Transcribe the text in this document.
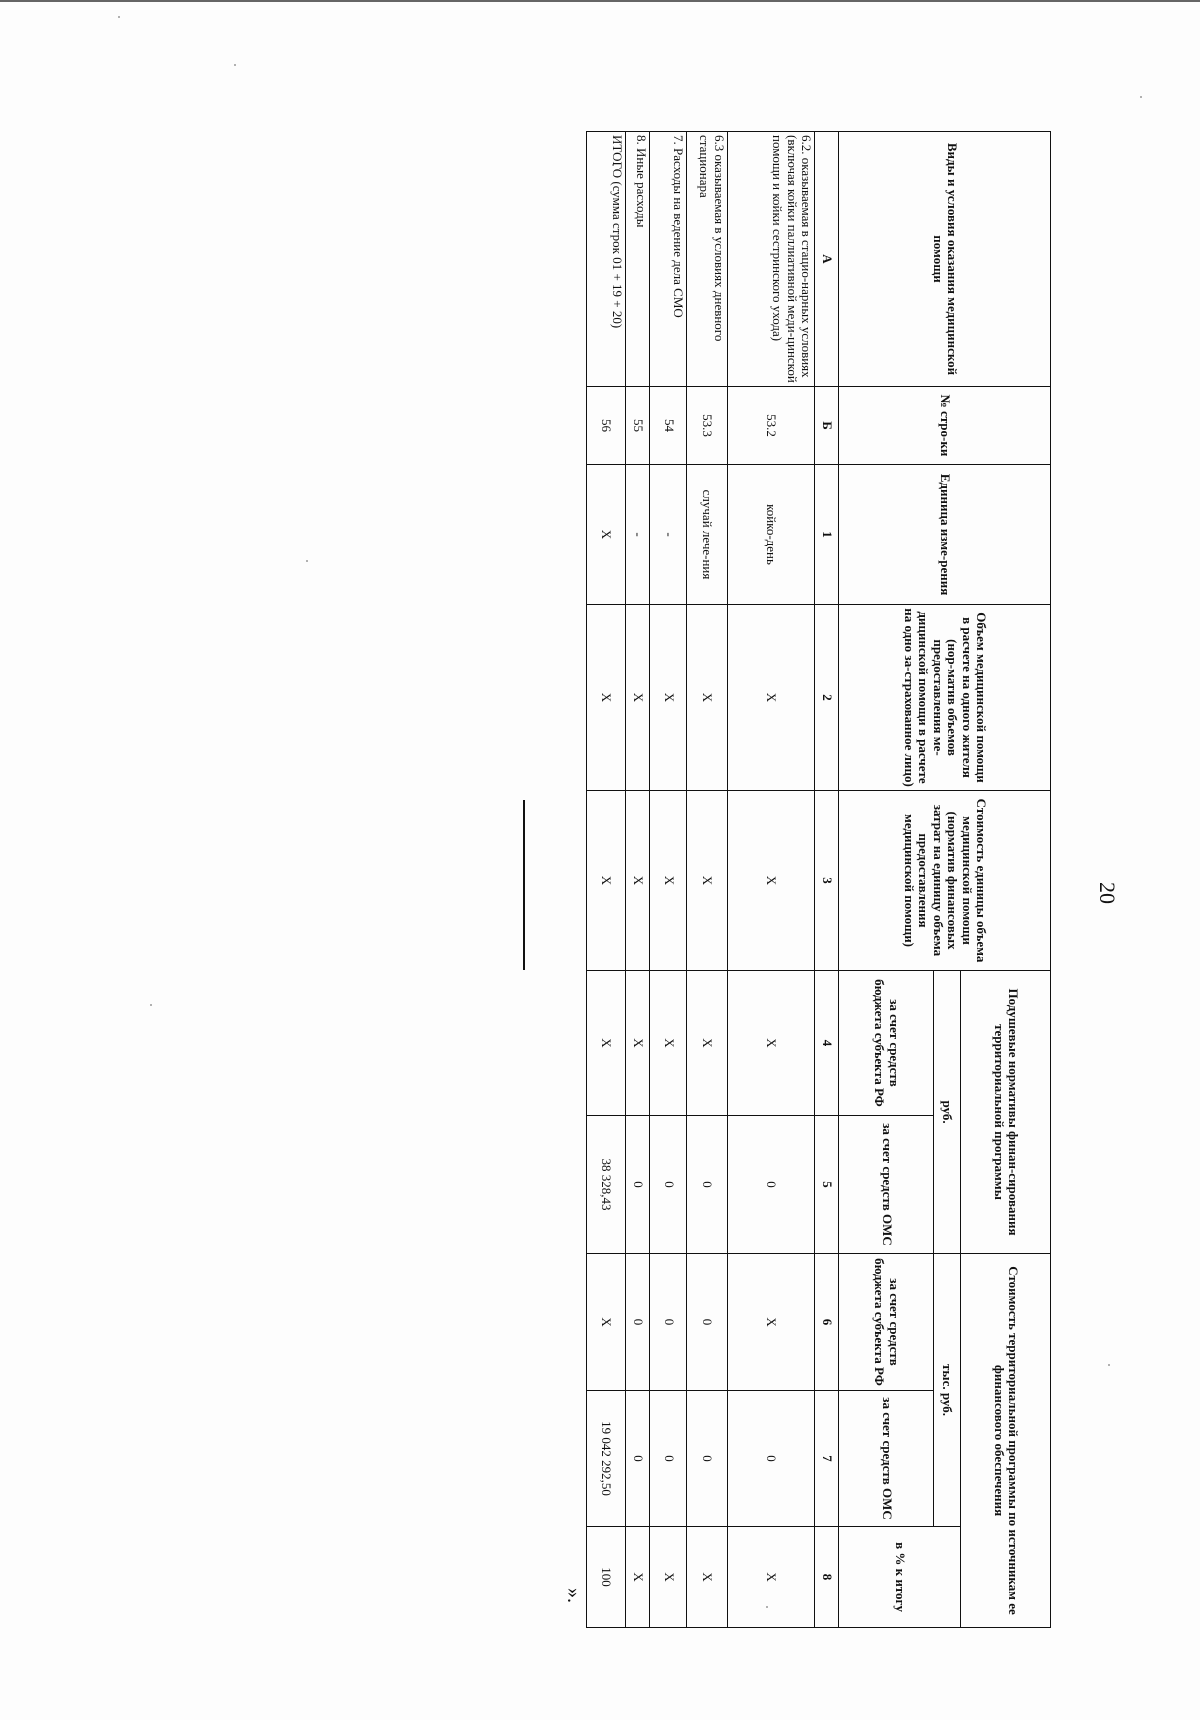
20
».
Виды и условия оказания медицинской помощи	№ стро-ки	Единица изме-рения	Объем медицинской помощи в расчете на одного жителя (нор-матив объемов предоставления ме-дицинской помощи в расчете на одно за-страхованное лицо)	Стоимость единицы объема медицинской помощи (норматив финансовых затрат на единицу объема предоставления медицинской помощи)	Подушевые нормативы финан-сирования территориальной программы		Стоимость территориальной программы по источникам ее финансового обеспечения		
					руб.		тыс. руб.		в % к итогу
					за счет средств бюджета субъекта РФ	за счет средств ОМС	за счет средств бюджета субъекта РФ	за счет средств ОМС	
А	Б	1	2	3	4	5	6	7	8
6.2. оказываемая в стацио-нарных условиях (включая койки паллиативной меди-цинской помощи и койки сестринского ухода)	53.2	койко-день	X	X	X	0	X	0	X
6.3 оказываемая в условиях дневного стационара	53.3	случай лече-ния	X	X	X	0	0	0	X
7. Расходы на ведение дела СМО	54	-	X	X	X	0	0	0	X
8. Иные расходы	55	-	X	X	X	0	0	0	X
ИТОГО (сумма строк 01 + 19 + 20)	56	X	X	X	X	38 328,43	X	19 042 292,50	100
